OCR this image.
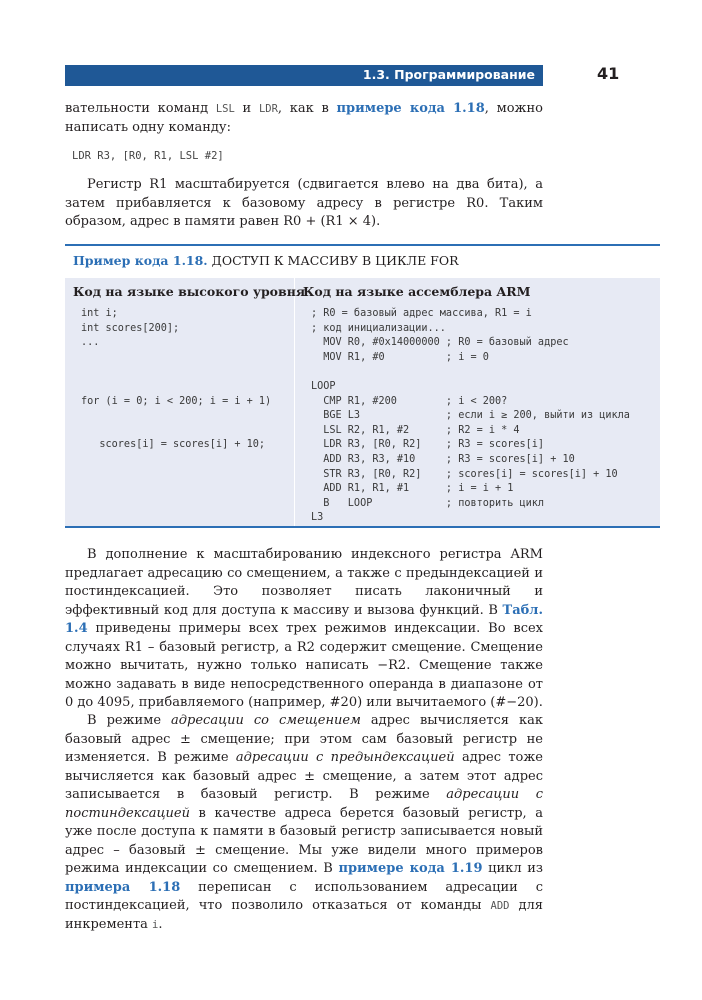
1.3. Программирование	41

вательности команд LSL и LDR, как в примере кода 1.18, можно написать одну команду:

LDR R3, [R0, R1, LSL #2]

Регистр R1 масштабируется (сдвигается влево на два бита), а затем прибавляется к базовому адресу в регистре R0. Таким образом, адрес в памяти равен R0 + (R1 × 4).

Пример кода 1.18. ДОСТУП К МАССИВУ В ЦИКЛЕ FOR
Код на языке высокого уровня
Код на языке ассемблера ARM
int i;
int scores[200];
...

for (i = 0; i < 200; i = i + 1)

scores[i] = scores[i] + 10;
; R0 = базовый адрес массива, R1 = i
; код инициализации...
MOV R0, #0x14000000 ; R0 = базовый адрес
MOV R1, #0          ; i = 0

LOOP
CMP R1, #200        ; i < 200?
BGE L3              ; если i ≥ 200, выйти из цикла
LSL R2, R1, #2      ; R2 = i * 4
LDR R3, [R0, R2]    ; R3 = scores[i]
ADD R3, R3, #10     ; R3 = scores[i] + 10
STR R3, [R0, R2]    ; scores[i] = scores[i] + 10
ADD R1, R1, #1      ; i = i + 1
B   LOOP            ; повторить цикл
L3

В дополнение к масштабированию индексного регистра ARM предлагает адресацию со смещением, а также с предындексацией и постиндексацией. Это позволяет писать лаконичный и эффективный код для доступа к массиву и вызова функций. В Табл. 1.4 приведены примеры всех трех режимов индексации. Во всех случаях R1 – базовый регистр, а R2 содержит смещение. Смещение можно вычитать, нужно только написать −R2. Смещение также можно задавать в виде непосредственного операнда в диапазоне от 0 до 4095, прибавляемого (например, #20) или вычитаемого (#−20).

В режиме адресации со смещением адрес вычисляется как базовый адрес ± смещение; при этом сам базовый регистр не изменяется. В режиме адресации с предындексацией адрес тоже вычисляется как базовый адрес ± смещение, а затем этот адрес записывается в базовый регистр. В режиме адресации с постиндексацией в качестве адреса берется базовый регистр, а уже после доступа к памяти в базовый регистр записывается новый адрес – базовый ± смещение. Мы уже видели много примеров режима индексации со смещением. В примере кода 1.19 цикл из примера 1.18 переписан с использованием адресации с постиндексацией, что позволило отказаться от команды ADD для инкремента i.
